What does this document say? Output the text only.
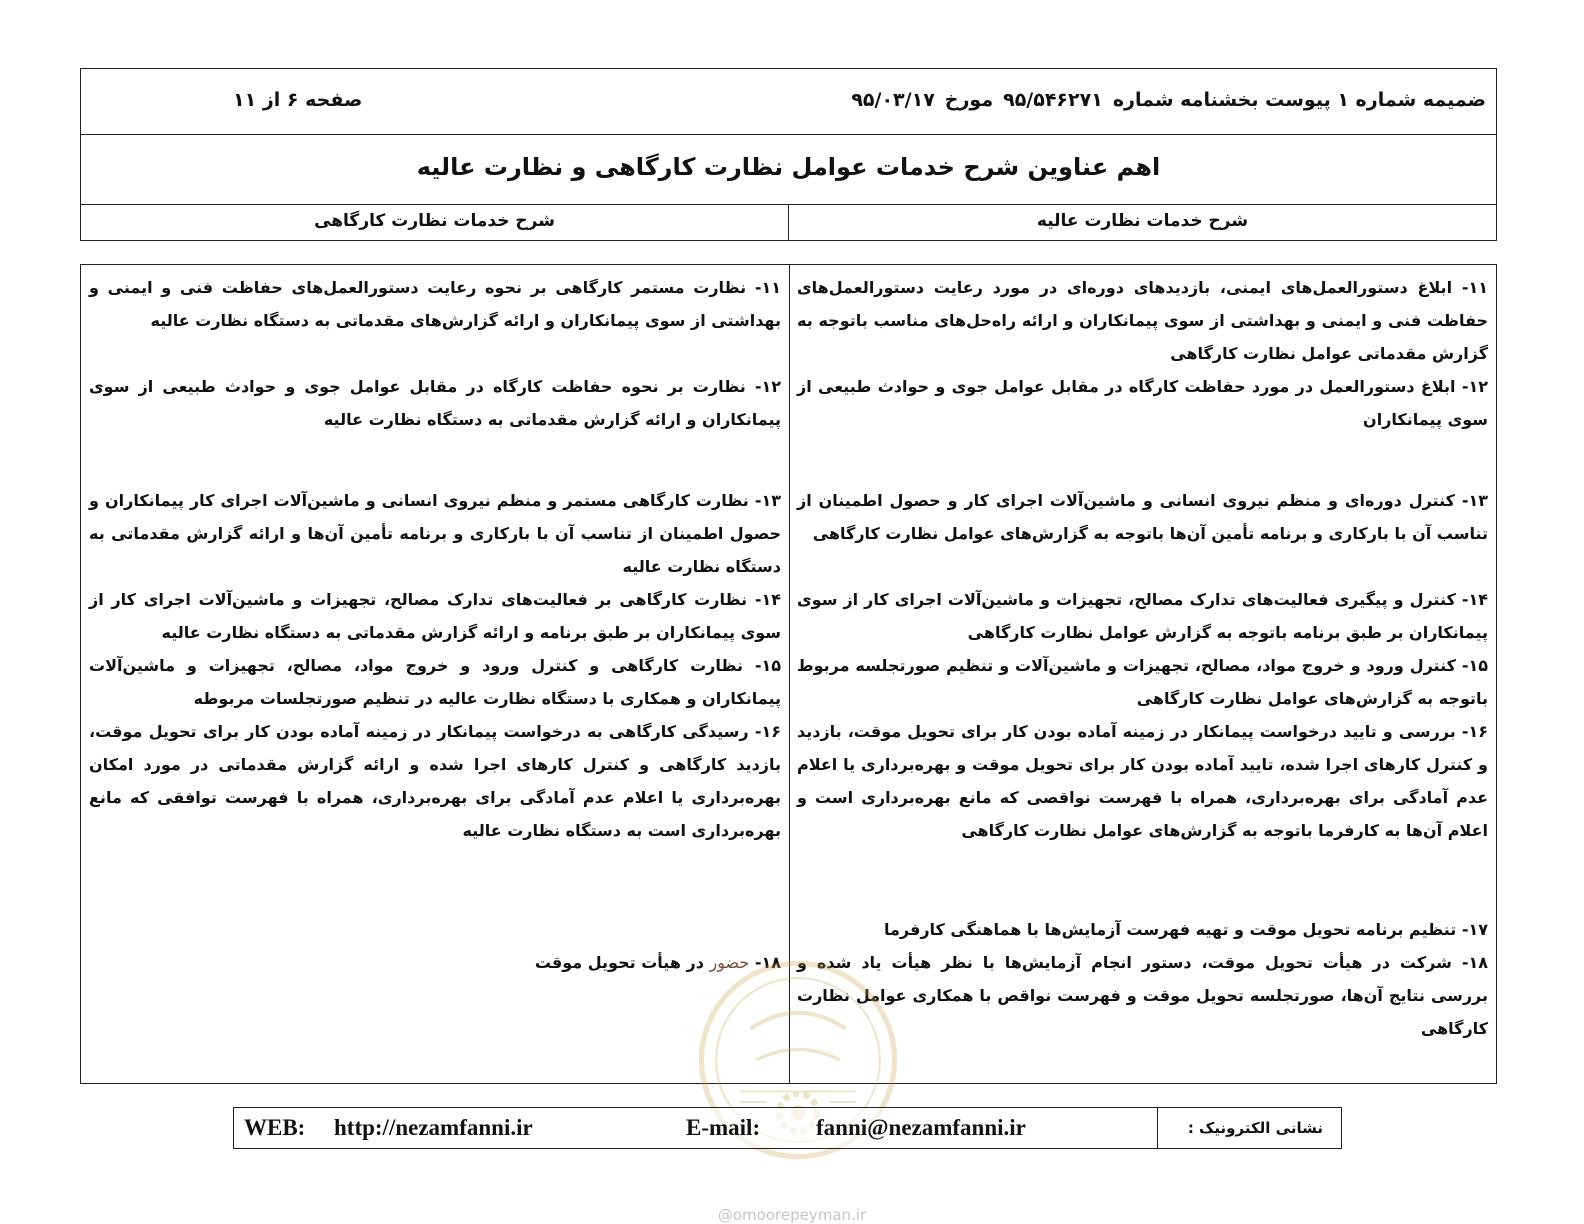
ضمیمه شماره ۱ پیوست بخشنامه شماره۹۵/۵۴۶۲۷۱مورخ۹۵/۰۳/۱۷
صفحه ۶ از ۱۱
اهم عناوین شرح خدمات عوامل نظارت کارگاهی و نظارت عالیه
شرح خدمات نظارت عالیه
شرح خدمات نظارت کارگاهی

۱۱- ابلاغ دستورالعمل‌های ایمنی، بازدیدهای دوره‌ای در مورد رعایت دستورالعمل‌های حفاظت فنی و ایمنی و بهداشتی از سوی پیمانکاران و ارائه راه‌حل‌های مناسب باتوجه به گزارش مقدماتی عوامل نظارت کارگاهی

۱۲- ابلاغ دستورالعمل در مورد حفاظت کارگاه در مقابل عوامل جوی و حوادث طبیعی از سوی پیمانکاران

۱۳- کنترل دوره‌ای و منظم نیروی انسانی و ماشین‌آلات اجرای کار و حصول اطمینان از تناسب آن با بارکاری و برنامه تأمین آن‌ها باتوجه به گزارش‌های عوامل نظارت کارگاهی

۱۴- کنترل و پیگیری فعالیت‌های تدارک مصالح، تجهیزات و ماشین‌آلات اجرای کار از سوی پیمانکاران بر طبق برنامه باتوجه به گزارش عوامل نظارت کارگاهی

۱۵- کنترل ورود و خروج مواد، مصالح، تجهیزات و ماشین‌آلات و تنظیم صورتجلسه مربوط باتوجه به گزارش‌های عوامل نظارت کارگاهی

۱۶- بررسی و تایید درخواست پیمانکار در زمینه آماده بودن کار برای تحویل موقت، بازدید و کنترل کارهای اجرا شده، تایید آماده بودن کار برای تحویل موقت و بهره‌برداری یا اعلام عدم آمادگی برای بهره‌برداری، همراه با فهرست نواقصی که مانع بهره‌برداری است و اعلام آن‌ها به کارفرما باتوجه به گزارش‌های عوامل نظارت کارگاهی

۱۷- تنظیم برنامه تحویل موقت و تهیه فهرست آزمایش‌ها با هماهنگی کارفرما

۱۸- شرکت در هیأت تحویل موقت، دستور انجام آزمایش‌ها با نظر هیأت یاد شده و بررسی نتایج آن‌ها، صورتجلسه تحویل موقت و فهرست نواقص با همکاری عوامل نظارت کارگاهی

۱۱- نظارت مستمر کارگاهی بر نحوه رعایت دستورالعمل‌های حفاظت فنی و ایمنی و بهداشتی از سوی پیمانکاران و ارائه گزارش‌های مقدماتی به دستگاه نظارت عالیه

۱۲- نظارت بر نحوه حفاظت کارگاه در مقابل عوامل جوی و حوادث طبیعی از سوی پیمانکاران و ارائه گزارش مقدماتی به دستگاه نظارت عالیه

۱۳- نظارت کارگاهی مستمر و منظم نیروی انسانی و ماشین‌آلات اجرای کار پیمانکاران و حصول اطمینان از تناسب آن با بارکاری و برنامه تأمین آن‌ها و ارائه گزارش مقدماتی به دستگاه نظارت عالیه

۱۴- نظارت کارگاهی بر فعالیت‌های تدارک مصالح، تجهیزات و ماشین‌آلات اجرای کار از سوی پیمانکاران بر طبق برنامه و ارائه گزارش مقدماتی به دستگاه نظارت عالیه

۱۵- نظارت کارگاهی و کنترل ورود و خروج مواد، مصالح، تجهیزات و ماشین‌آلات پیمانکاران و همکاری با دستگاه نظارت عالیه در تنظیم صورتجلسات مربوطه

۱۶- رسیدگی کارگاهی به درخواست پیمانکار در زمینه آماده بودن کار برای تحویل موقت، بازدید کارگاهی و کنترل کارهای اجرا شده و ارائه گزارش مقدماتی در مورد امکان بهره‌برداری یا اعلام عدم آمادگی برای بهره‌برداری، همراه با فهرست توافقی که مانع بهره‌برداری است به دستگاه نظارت عالیه

۱۸- حضور در هیأت تحویل موقت

نشانی الکترونیک :
WEB: http://nezamfanni.ir	E-mail: fanni@nezamfanni.ir
@omoorepeyman.ir
